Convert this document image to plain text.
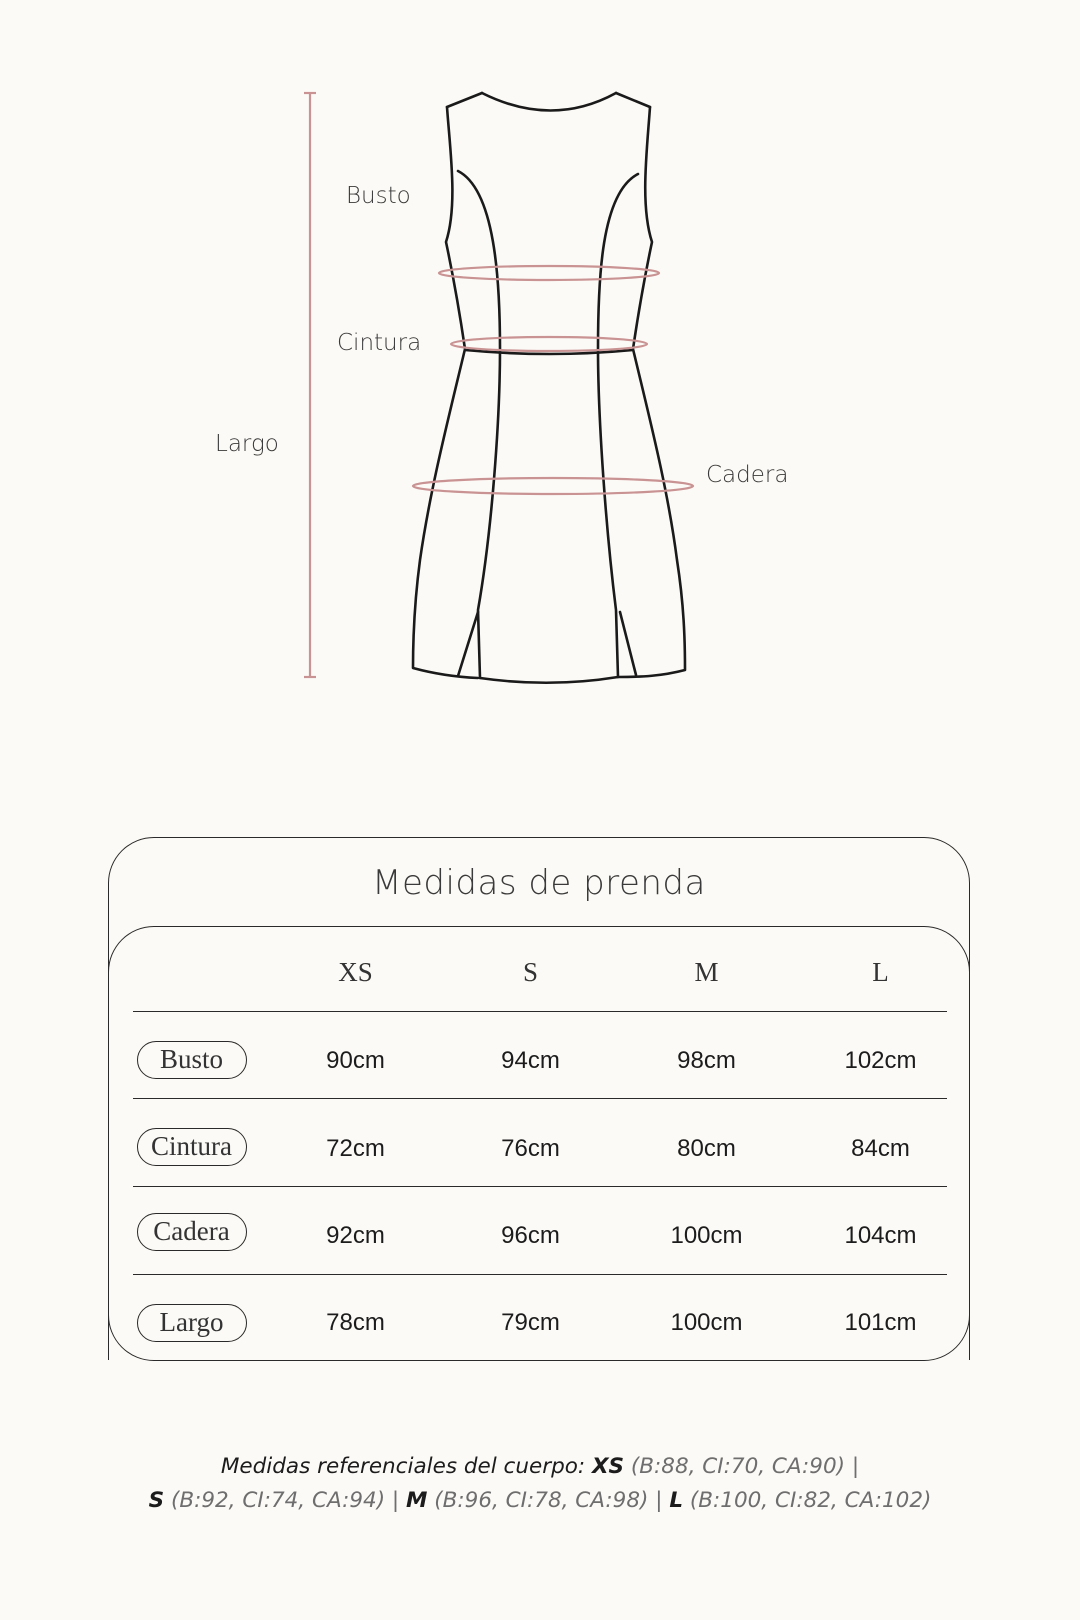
Busto
Cintura
Largo
Cadera
Medidas de prenda
XS	S	M	L
Busto	90cm	94cm	98cm	102cm
Cintura	72cm	76cm	80cm	84cm
Cadera	92cm	96cm	100cm	104cm
Largo	78cm	79cm	100cm	101cm
Medidas referenciales del cuerpo: XS (B:88, CI:70, CA:90) |
S (B:92, CI:74, CA:94) | M (B:96, CI:78, CA:98) | L (B:100, CI:82, CA:102)
